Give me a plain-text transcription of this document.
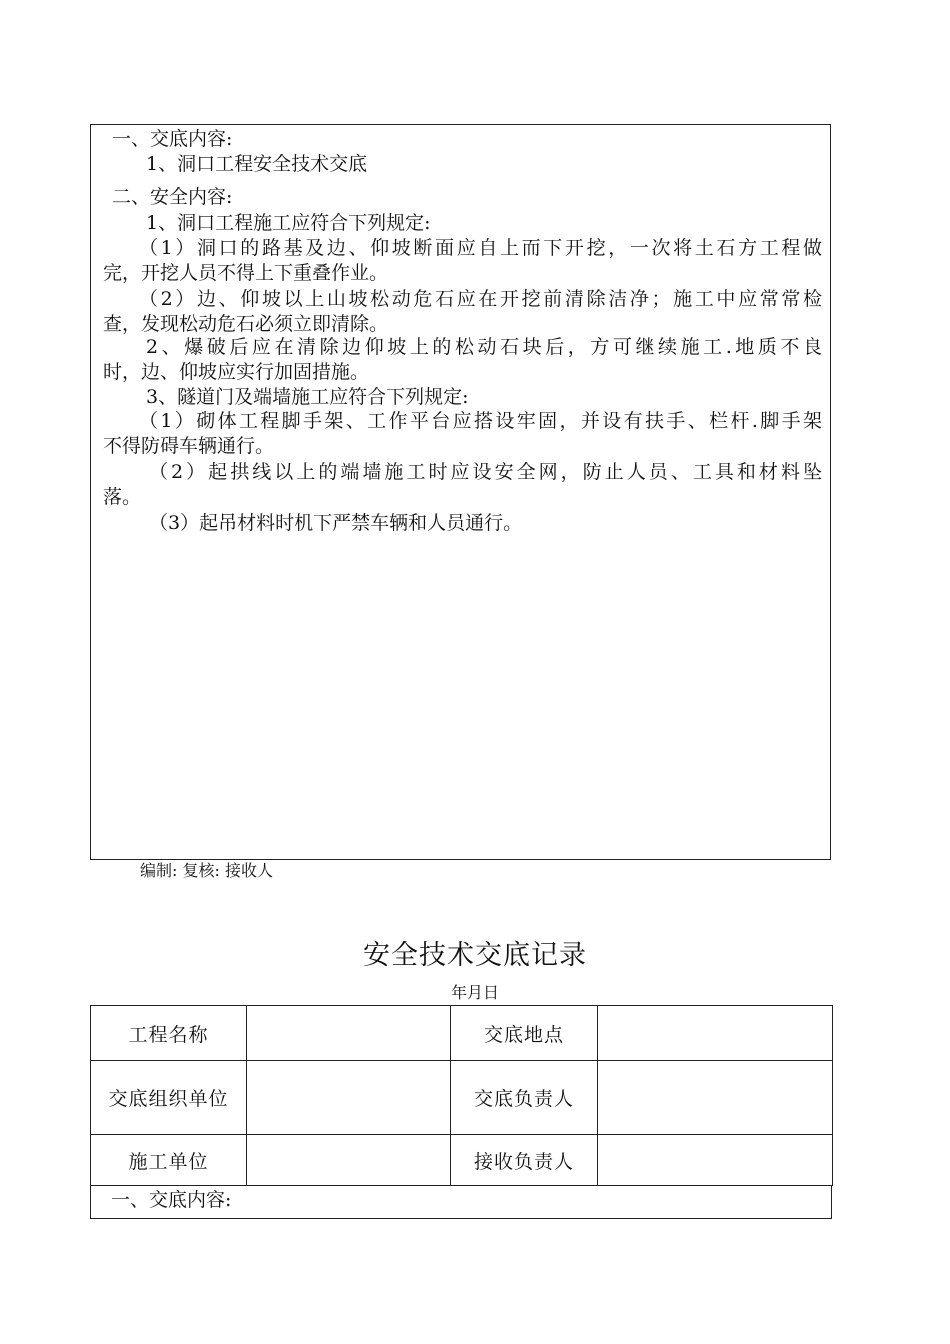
一、交底内容:
1、洞口工程安全技术交底
二、安全内容:
1、洞口工程施工应符合下列规定:
（1）洞口的路基及边、仰坡断面应自上而下开挖，一次将土石方工程做
完，开挖人员不得上下重叠作业。
（2）边、仰坡以上山坡松动危石应在开挖前清除洁净；施工中应常常检
查，发现松动危石必须立即清除。
2、爆破后应在清除边仰坡上的松动石块后，方可继续施工.地质不良
时，边、仰坡应实行加固措施。
3、隧道门及端墙施工应符合下列规定:
（1）砌体工程脚手架、工作平台应搭设牢固，并设有扶手、栏杆.脚手架
不得防碍车辆通行。
（2）起拱线以上的端墙施工时应设安全网，防止人员、工具和材料坠
落。
（3）起吊材料时机下严禁车辆和人员通行。
编制: 复核: 接收人
安全技术交底记录
年月日
工程名称		交底地点	
交底组织单位		交底负责人	
施工单位		接收负责人	
一、交底内容:
